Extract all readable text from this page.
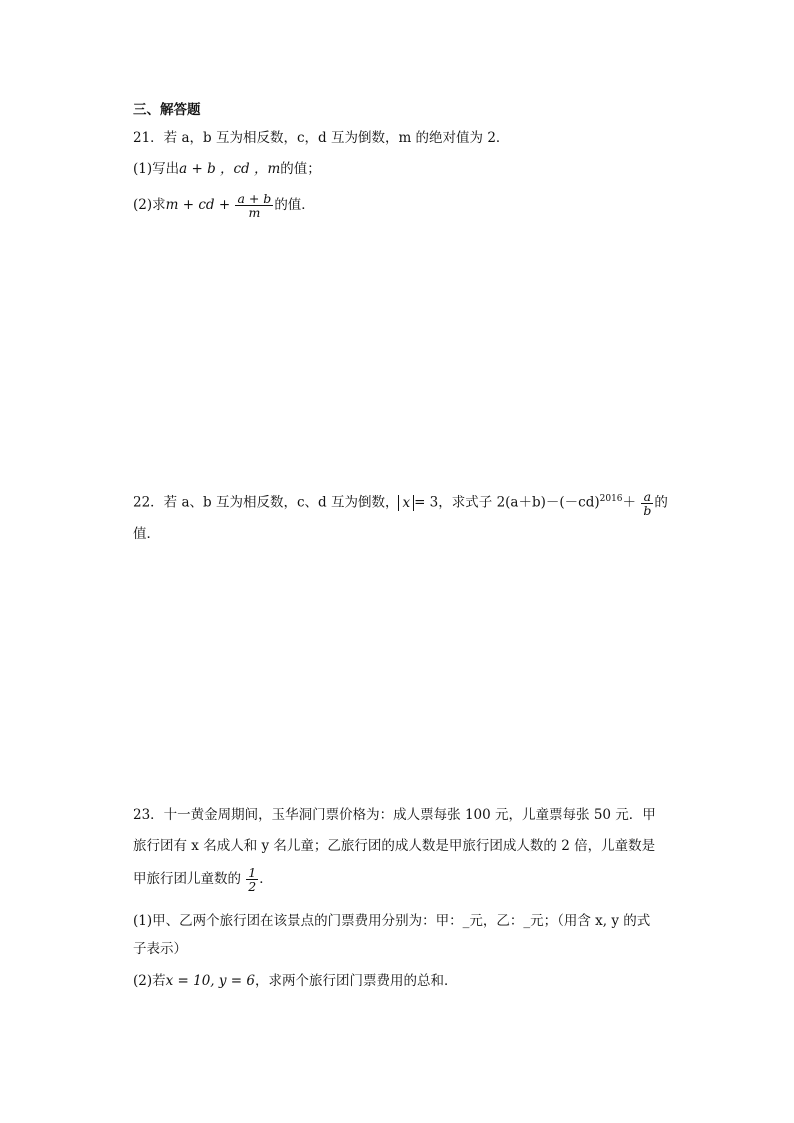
三、解答题
21．若 a，b 互为相反数，c，d 互为倒数，m 的绝对值为 2．
(1)写出a + b ，cd ，m的值；
(2)求m + cd + $\frac{a + b}{m}$ 的值．
22．若 a、b 互为相反数，c、d 互为倒数， x = 3，求式子 $2(a+b)-(-cd)^{2016}+ \frac{a}{b}$ 的
值．
23．十一黄金周期间，玉华洞门票价格为：成人票每张 100 元，儿童票每张 50 元．甲
旅行团有 x 名成人和 y 名儿童；乙旅行团的成人数是甲旅行团成人数的 2 倍，儿童数是
甲旅行团儿童数的 $\frac{1}{2}$ ．
(1)甲、乙两个旅行团在该景点的门票费用分别为：甲：_元，乙：_元；（用含 x, y 的式
子表示）
(2)若x = 10, y = 6，求两个旅行团门票费用的总和．
